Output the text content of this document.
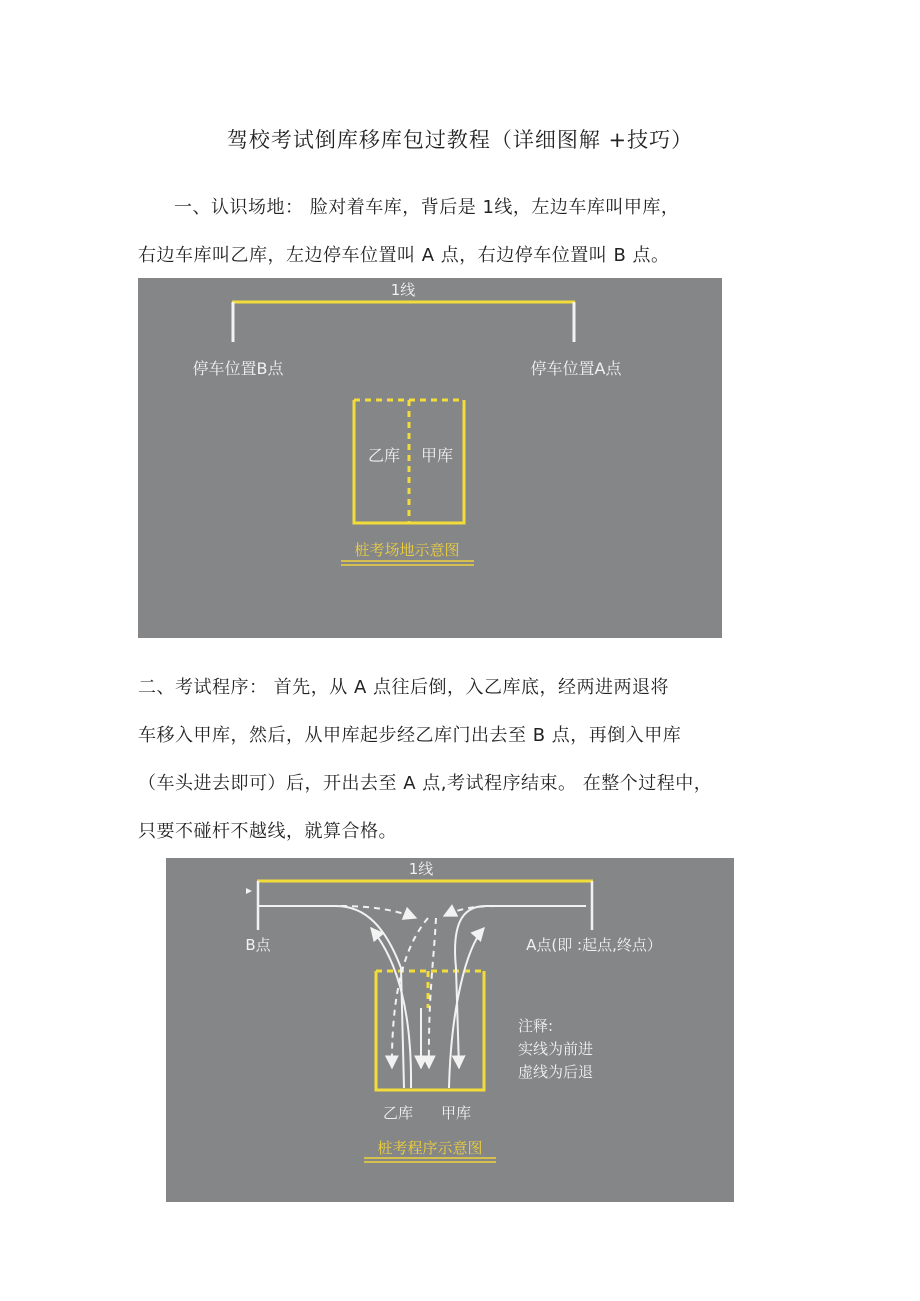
驾校考试倒库移库包过教程（详细图解 +技巧）
一、认识场地： 脸对着车库，背后是 1线，左边车库叫甲库，
右边车库叫乙库，左边停车位置叫 A 点，右边停车位置叫 B 点。
1线
停车位置B点	停车位置A点
乙库 甲库
桩考场地示意图
二、考试程序： 首先，从 A 点往后倒，入乙库底，经两进两退将
车移入甲库，然后，从甲库起步经乙库门出去至 B 点，再倒入甲库
（车头进去即可）后，开出去至 A 点,考试程序结束。 在整个过程中，
只要不碰杆不越线，就算合格。
1线
B点	A点(即 :起点,终点）
注释:
实线为前进
虚线为后退
乙库 甲库
桩考程序示意图
